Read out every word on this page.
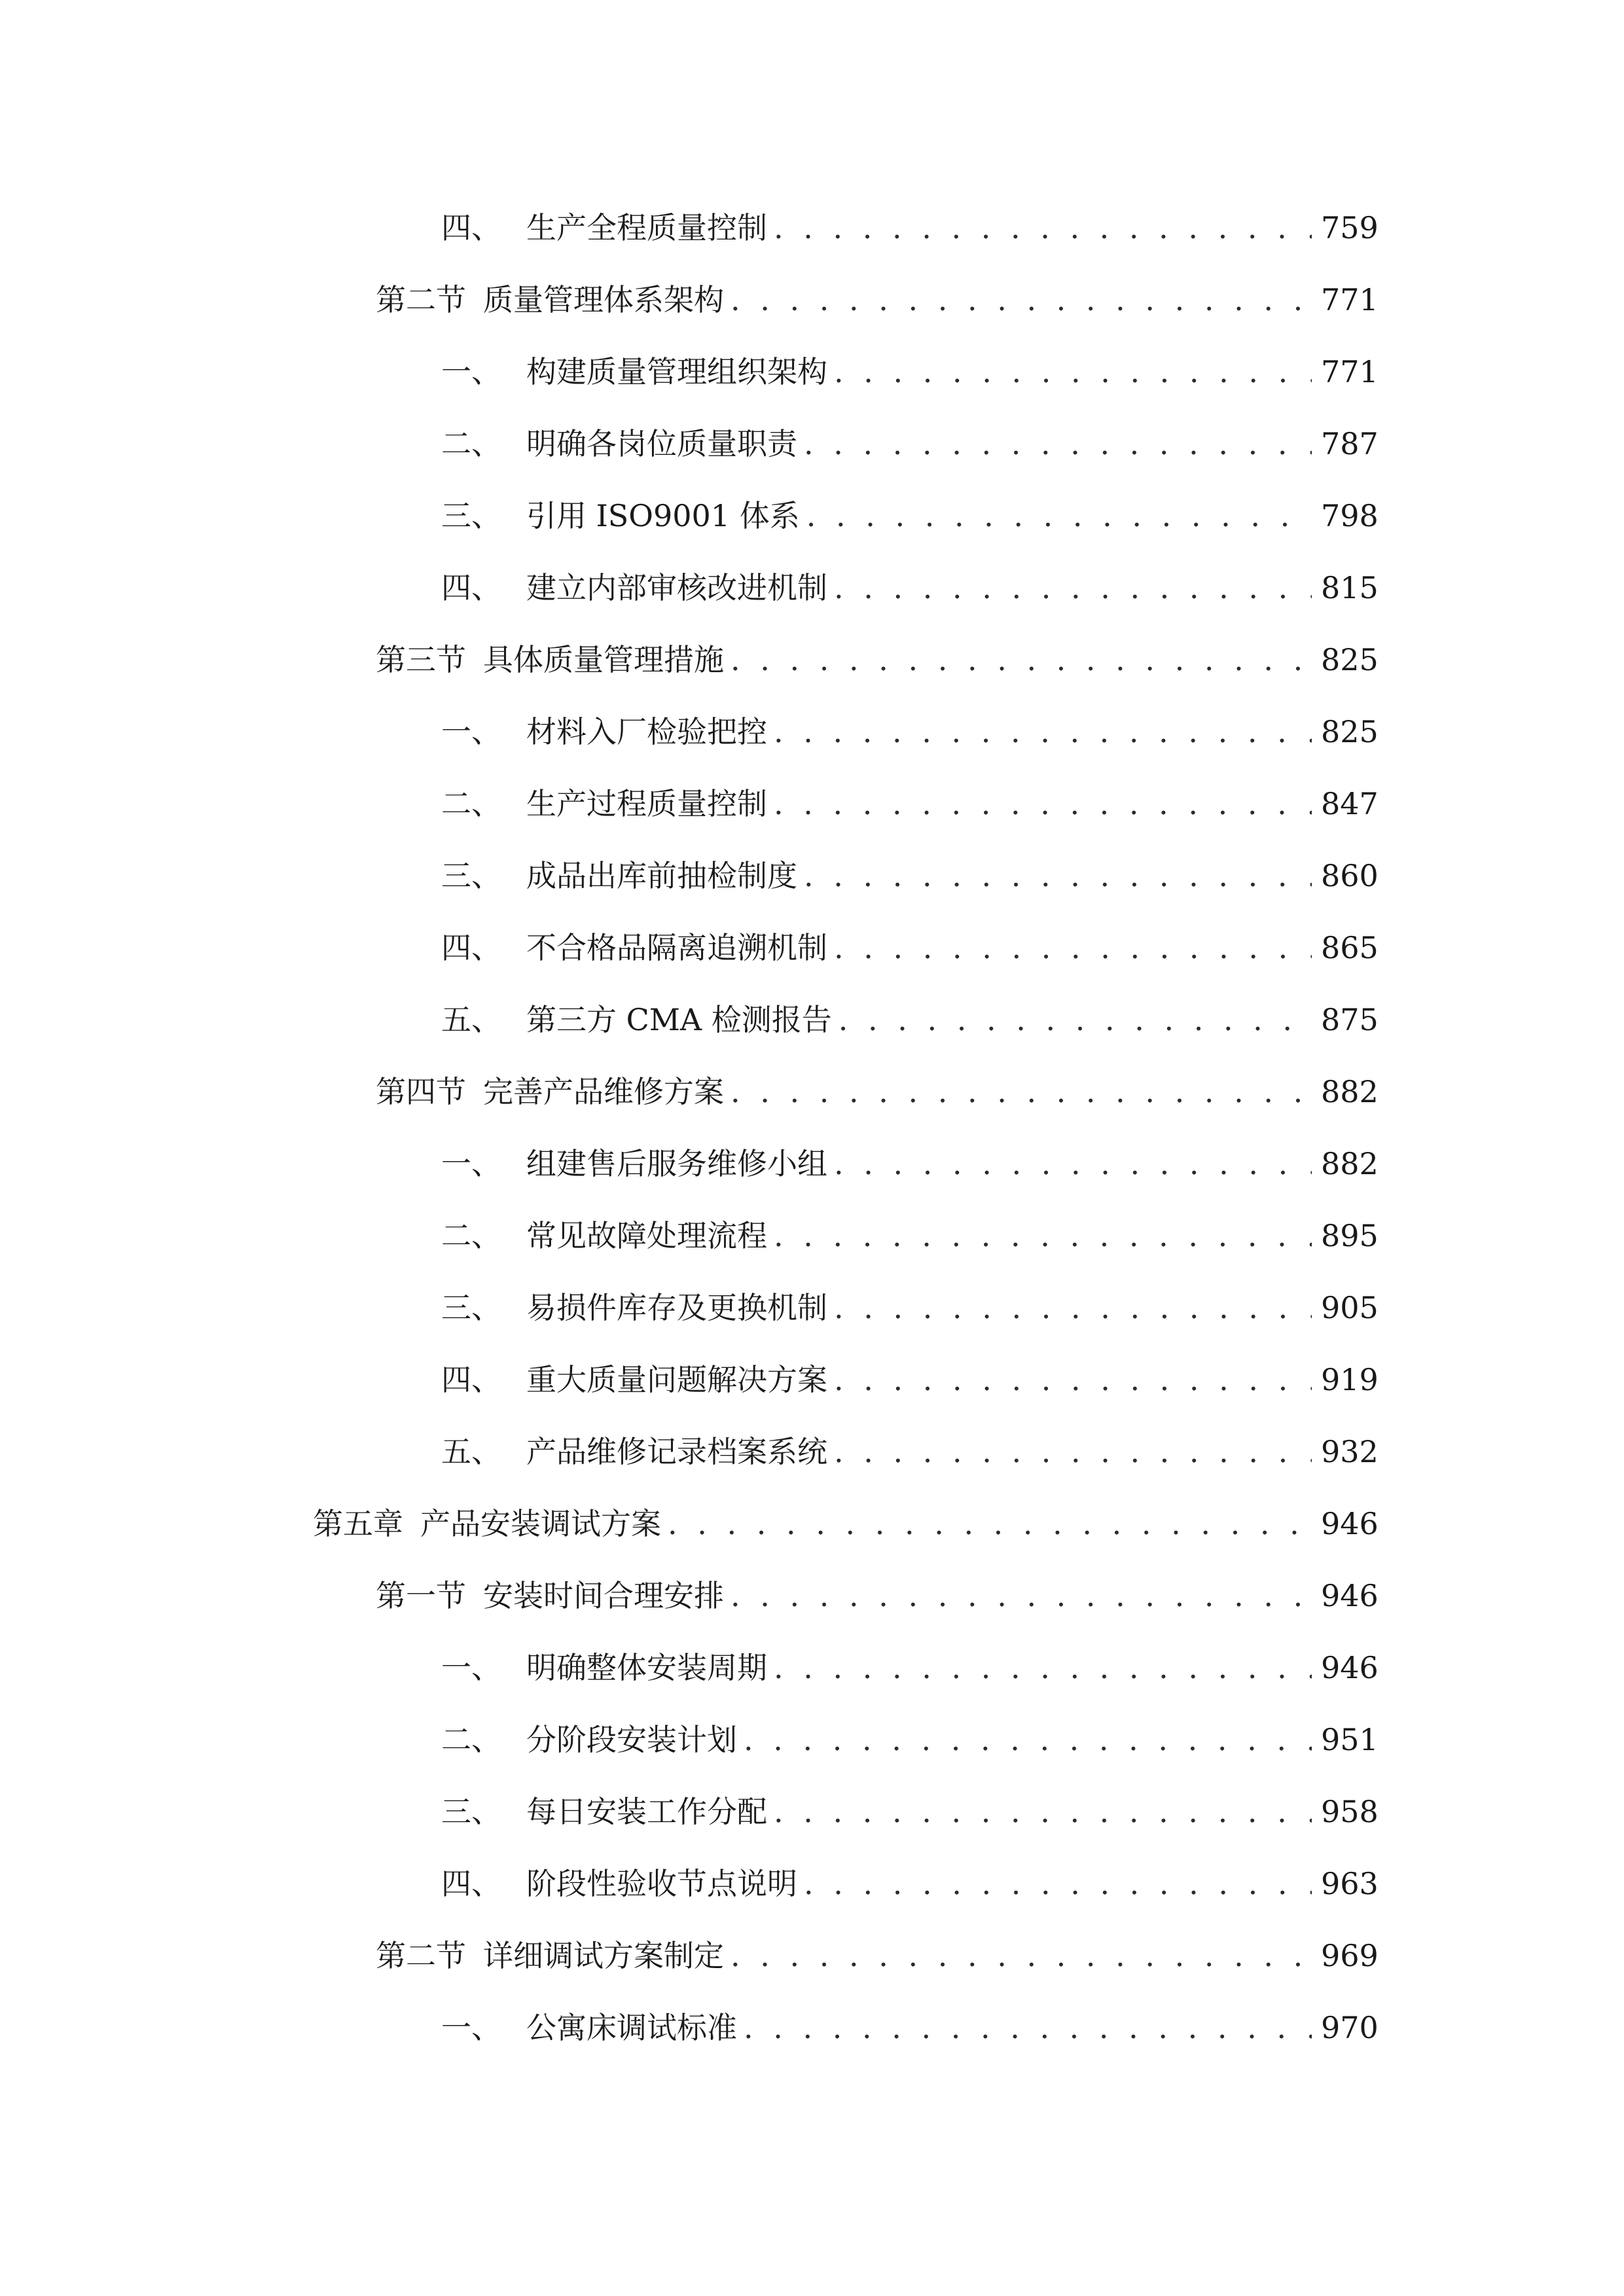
四、 生产全程质量控制 . . .	759
第二节 质量管理体系架构 . . .	771
一、 构建质量管理组织架构 . . .	771
二、 明确各岗位质量职责 . . .	787
三、 引用 ISO9001 体系 . . .	798
四、 建立内部审核改进机制 . . .	815
第三节 具体质量管理措施 . . .	825
一、 材料入厂检验把控 . . .	825
二、 生产过程质量控制 . . .	847
三、 成品出库前抽检制度 . . .	860
四、 不合格品隔离追溯机制 . . .	865
五、 第三方 CMA 检测报告 . . .	875
第四节 完善产品维修方案 . . .	882
一、 组建售后服务维修小组 . . .	882
二、 常见故障处理流程 . . .	895
三、 易损件库存及更换机制 . . .	905
四、 重大质量问题解决方案 . . .	919
五、 产品维修记录档案系统 . . .	932
第五章 产品安装调试方案 . . .	946
第一节 安装时间合理安排 . . .	946
一、 明确整体安装周期 . . .	946
二、 分阶段安装计划 . . .	951
三、 每日安装工作分配 . . .	958
四、 阶段性验收节点说明 . . .	963
第二节 详细调试方案制定 . . .	969
一、 公寓床调试标准 . . .	970
